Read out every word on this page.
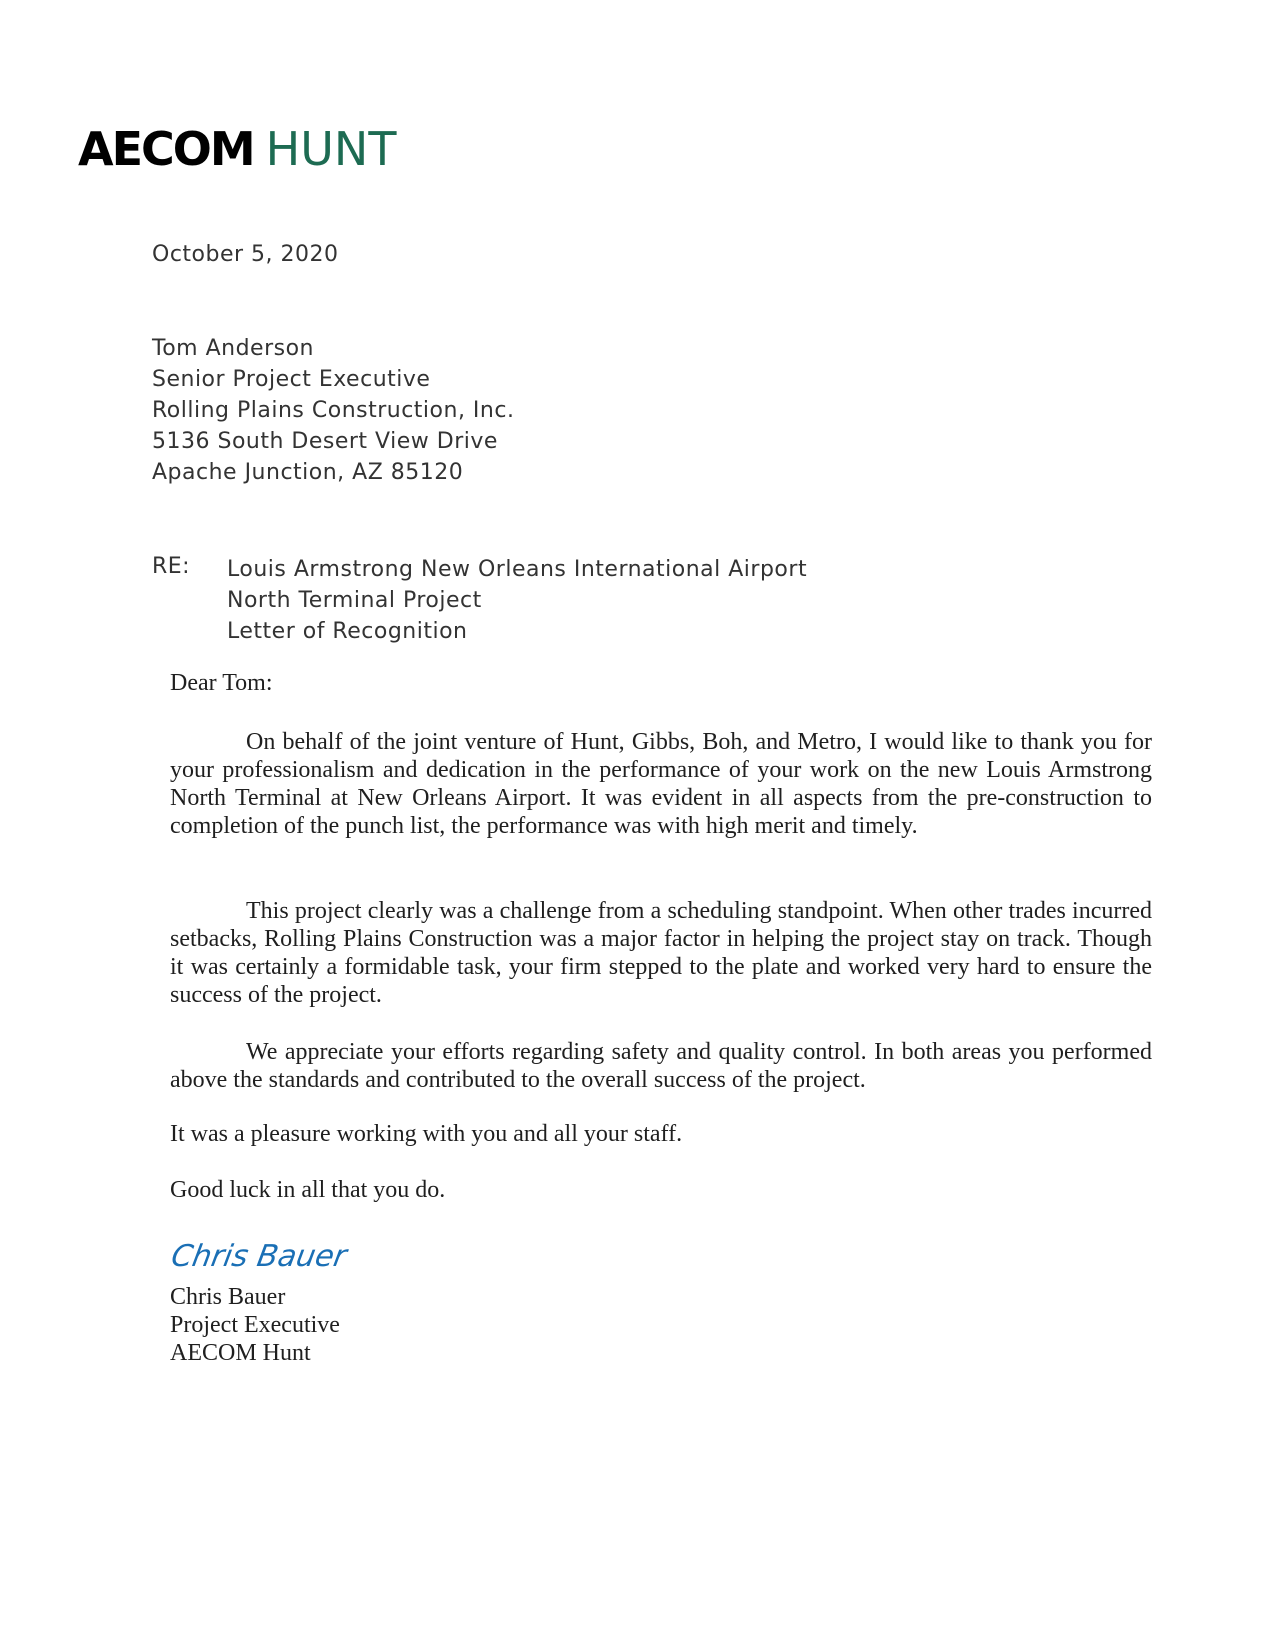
AECOM HUNT
October 5, 2020
Tom Anderson
Senior Project Executive
Rolling Plains Construction, Inc.
5136 South Desert View Drive
Apache Junction, AZ 85120
RE: Louis Armstrong New Orleans International Airport
North Terminal Project
Letter of Recognition
Dear Tom:

On behalf of the joint venture of Hunt, Gibbs, Boh, and Metro, I would like to thank you for your professionalism and dedication in the performance of your work on the new Louis Armstrong North Terminal at New Orleans Airport. It was evident in all aspects from the pre-construction to completion of the punch list, the performance was with high merit and timely.

This project clearly was a challenge from a scheduling standpoint. When other trades incurred setbacks, Rolling Plains Construction was a major factor in helping the project stay on track. Though it was certainly a formidable task, your firm stepped to the plate and worked very hard to ensure the success of the project.

We appreciate your efforts regarding safety and quality control. In both areas you performed above the standards and contributed to the overall success of the project.

It was a pleasure working with you and all your staff.

Good luck in all that you do.

Chris Bauer
Chris Bauer
Project Executive
AECOM Hunt
